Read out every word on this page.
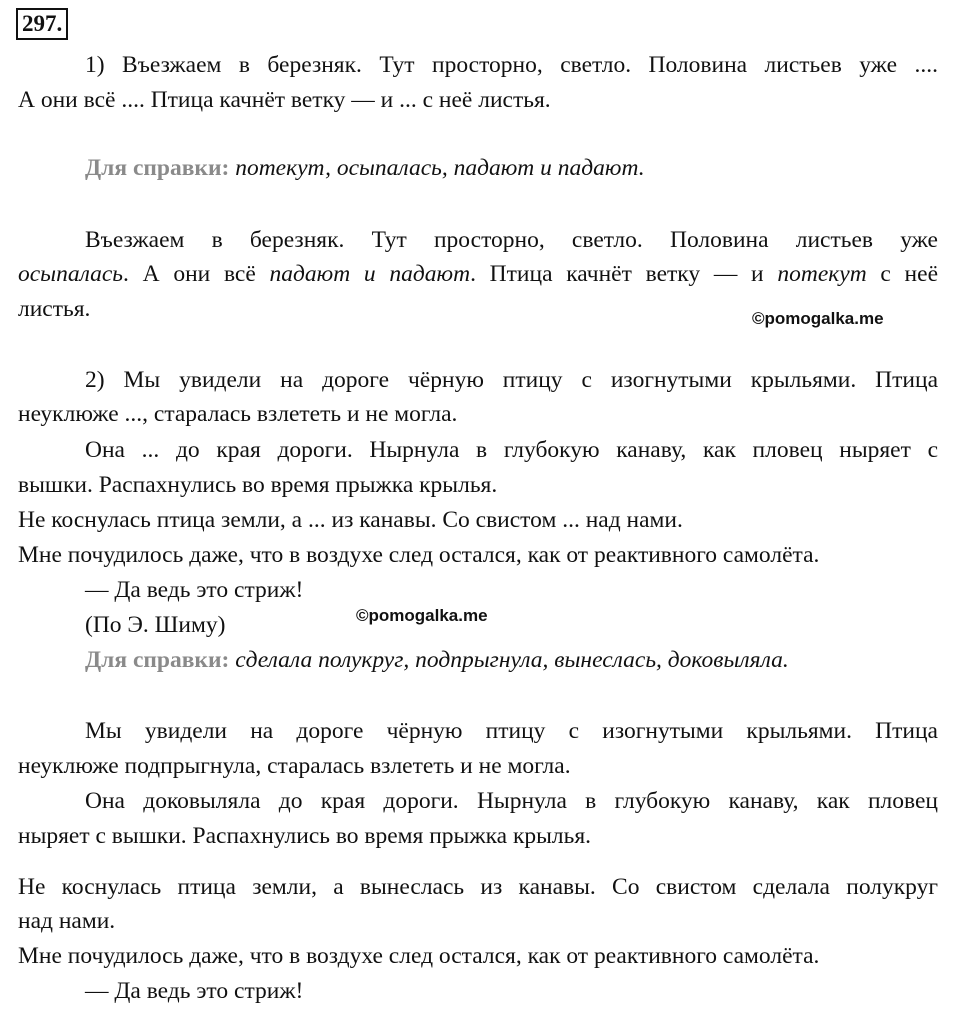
297.
1) Въезжаем в березняк. Тут просторно, светло. Половина листьев уже ....
А они всё .... Птица качнёт ветку — и ... с неё листья.
Для справки: потекут, осыпалась, падают и падают.
Въезжаем в березняк. Тут просторно, светло. Половина листьев уже
осыпалась. А они всё падают и падают. Птица качнёт ветку — и потекут с неё
листья.	©pomogalka.me
2) Мы увидели на дороге чёрную птицу с изогнутыми крыльями. Птица
неуклюже ..., старалась взлететь и не могла.
Она ... до края дороги. Нырнула в глубокую канаву, как пловец ныряет с
вышки. Распахнулись во время прыжка крылья.
Не коснулась птица земли, а ... из канавы. Со свистом ... над нами.
Мне почудилось даже, что в воздухе след остался, как от реактивного самолёта.
— Да ведь это стриж!
(По Э. Шиму)	©pomogalka.me
Для справки: сделала полукруг, подпрыгнула, вынеслась, доковыляла.
Мы увидели на дороге чёрную птицу с изогнутыми крыльями. Птица
неуклюже подпрыгнула, старалась взлететь и не могла.
Она доковыляла до края дороги. Нырнула в глубокую канаву, как пловец
ныряет с вышки. Распахнулись во время прыжка крылья.
Не коснулась птица земли, а вынеслась из канавы. Со свистом сделала полукруг
над нами.
Мне почудилось даже, что в воздухе след остался, как от реактивного самолёта.
— Да ведь это стриж!
